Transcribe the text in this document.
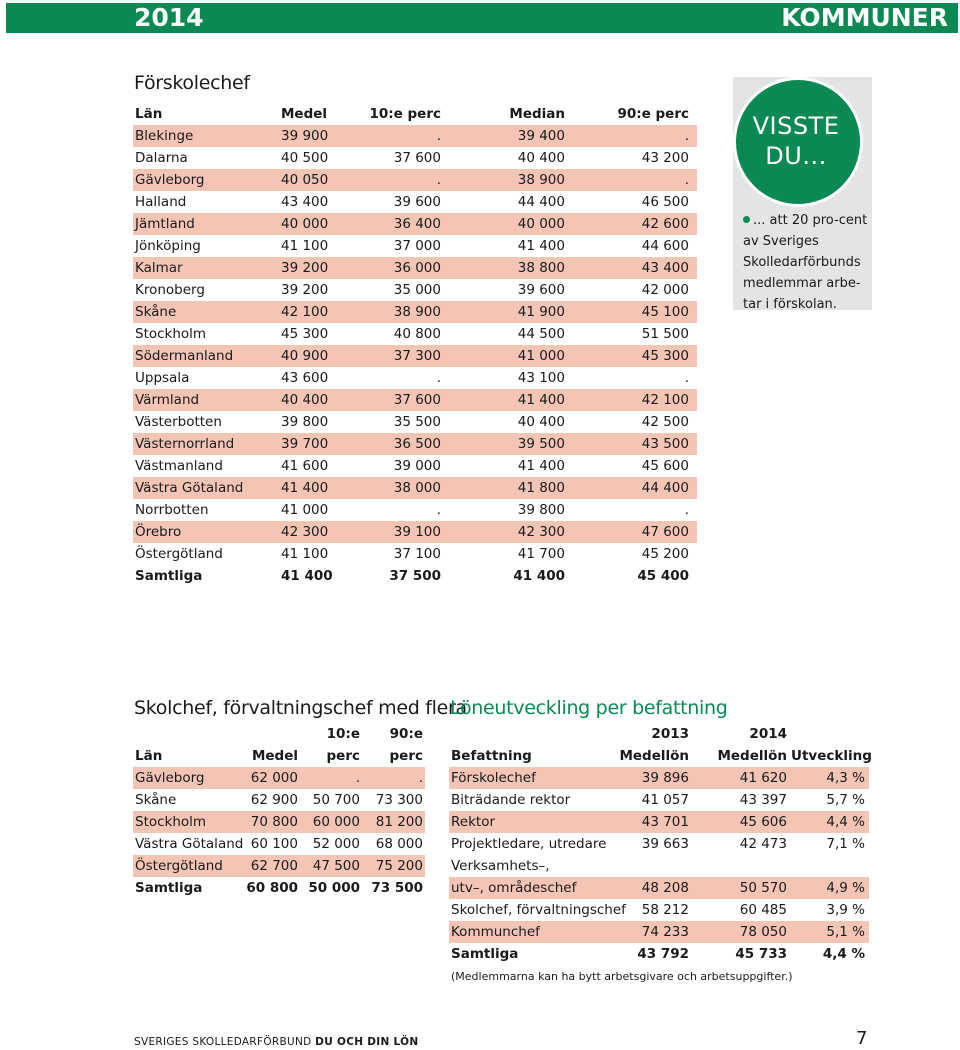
2014	KOMMUNER
Förskolechef
Län	Medel	10:e perc	Median	90:e perc
Blekinge	39 900	.	39 400	.
Dalarna	40 500	37 600	40 400	43 200
Gävleborg	40 050	.	38 900	.
Halland	43 400	39 600	44 400	46 500
Jämtland	40 000	36 400	40 000	42 600
Jönköping	41 100	37 000	41 400	44 600
Kalmar	39 200	36 000	38 800	43 400
Kronoberg	39 200	35 000	39 600	42 000
Skåne	42 100	38 900	41 900	45 100
Stockholm	45 300	40 800	44 500	51 500
Södermanland	40 900	37 300	41 000	45 300
Uppsala	43 600	.	43 100	.
Värmland	40 400	37 600	41 400	42 100
Västerbotten	39 800	35 500	40 400	42 500
Västernorrland	39 700	36 500	39 500	43 500
Västmanland	41 600	39 000	41 400	45 600
Västra Götaland	41 400	38 000	41 800	44 400
Norrbotten	41 000	.	39 800	.
Örebro	42 300	39 100	42 300	47 600
Östergötland	41 100	37 100	41 700	45 200
Samtliga	41 400	37 500	41 400	45 400
VISSTE
DU...
... att 20 pro-cent av Sveriges Skolledarförbunds medlemmar arbe-tar i förskolan.
Skolchef, förvaltningschef med flera
		10:e	90:e
Län	Medel	perc	perc
Gävleborg	62 000	.	.
Skåne	62 900	50 700	73 300
Stockholm	70 800	60 000	81 200
Västra Götaland	60 100	52 000	68 000
Östergötland	62 700	47 500	75 200
Samtliga	60 800	50 000	73 500
Löneutveckling per befattning
	2013	2014	
Befattning	Medellön	Medellön	Utveckling
Förskolechef	39 896	41 620	4,3 %
Biträdande rektor	41 057	43 397	5,7 %
Rektor	43 701	45 606	4,4 %
Projektledare, utredare	39 663	42 473	7,1 %
Verksamhets–,			
utv–, områdeschef	48 208	50 570	4,9 %
Skolchef, förvaltningschef	58 212	60 485	3,9 %
Kommunchef	74 233	78 050	5,1 %
Samtliga	43 792	45 733	4,4 %
(Medlemmarna kan ha bytt arbetsgivare och arbetsuppgifter.)
SVERIGES SKOLLEDARFÖRBUND DU OCH DIN LÖN	7
